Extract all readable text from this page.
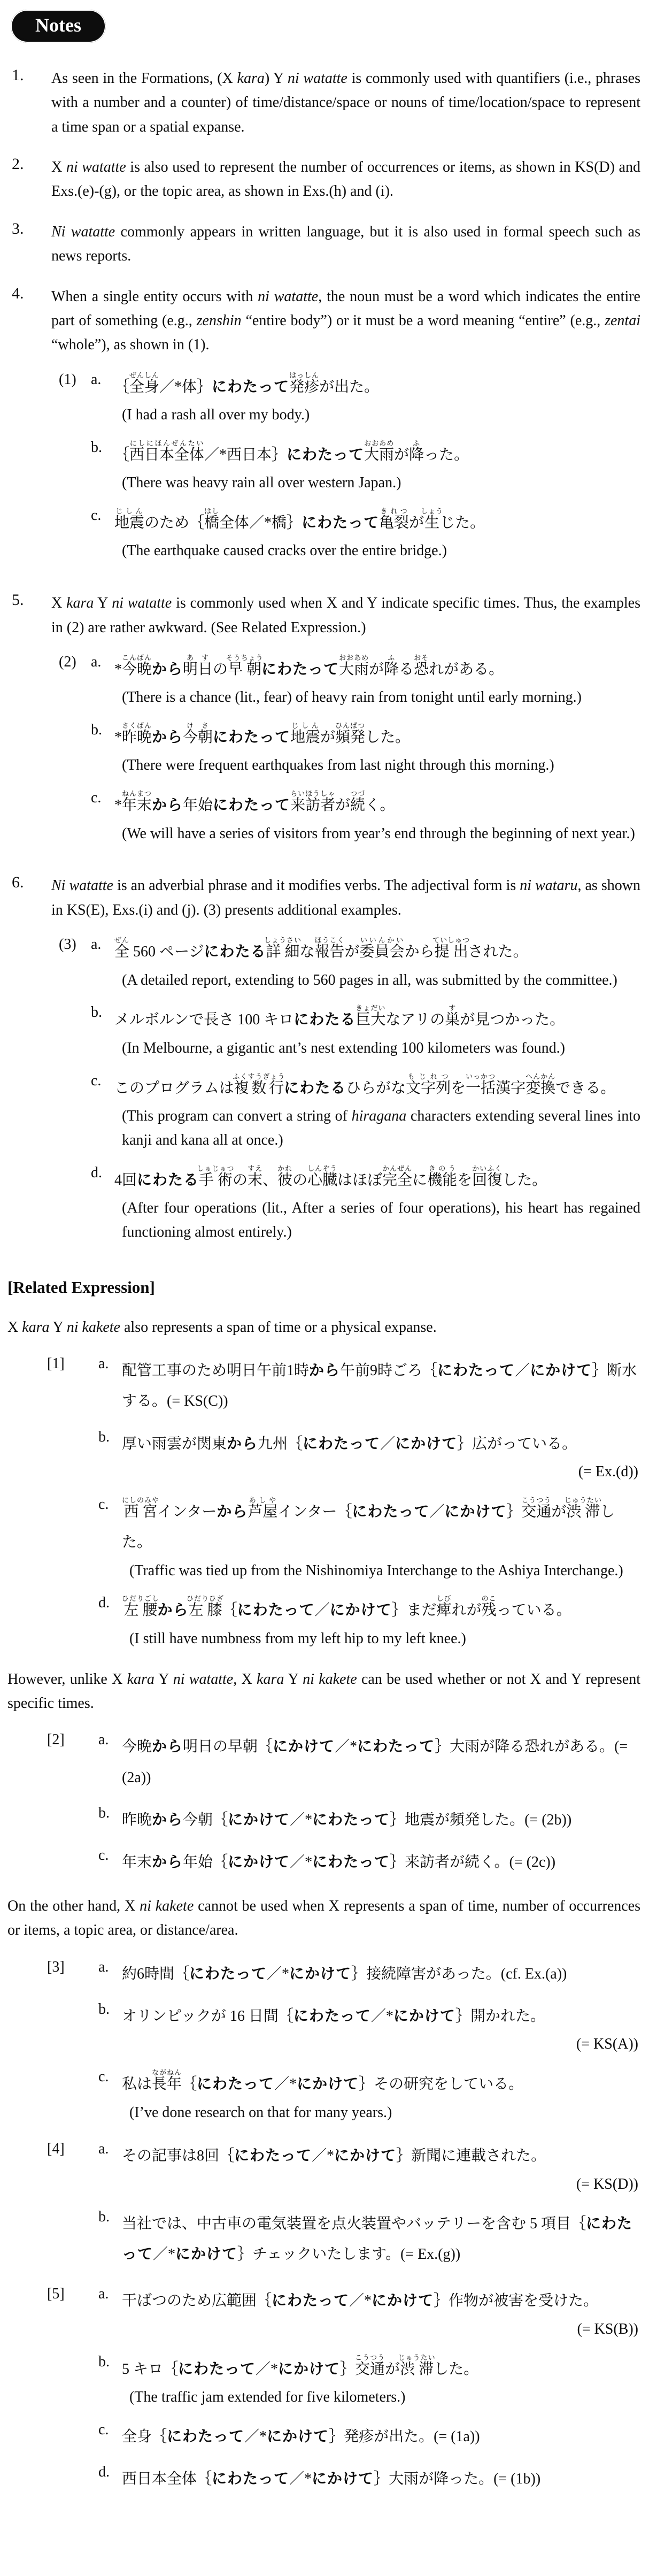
Notes
1.	As seen in the Formations, (X kara) Y ni watatte is commonly used with quantifiers (i.e., phrases with a number and a counter) of time/distance/space or nouns of time/location/space to represent a time span or a spatial expanse.
2.	X ni watatte is also used to represent the number of occurrences or items, as shown in KS(D) and Exs.(e)-(g), or the topic area, as shown in Exs.(h) and (i).
3.	Ni watatte commonly appears in written language, but it is also used in formal speech such as news reports.
4.	When a single entity occurs with ni watatte, the noun must be a word which indicates the entire part of something (e.g., zenshin “entire body”) or it must be a word meaning “entire” (e.g., zentai “whole”), as shown in (1).
(1) a. ｛全身ぜんしん／*体｝にわたって発疹はっしんが出た。
(I had a rash all over my body.)
b. ｛西日本全体にしにほんぜんたい／*西日本｝にわたって大雨おおあめが降ふった。
(There was heavy rain all over western Japan.)
c. 地震じしんのため｛橋はし全体／*橋｝にわたって亀裂きれつが生しょうじた。
(The earthquake caused cracks over the entire bridge.)
5.	X kara Y ni watatte is commonly used when X and Y indicate specific times. Thus, the examples in (2) are rather awkward. (See Related Expression.)
(2) a. *今晩こんばんから明日あすの早朝そうちょうにわたって大雨おおあめが降ふる恐おそれがある。
(There is a chance (lit., fear) of heavy rain from tonight until early morning.)
b. *昨晩さくばんから今朝けさにわたって地震じしんが頻発ひんぱつした。
(There were frequent earthquakes from last night through this morning.)
c. *年末ねんまつから年始にわたって来訪者らいほうしゃが続つづく。
(We will have a series of visitors from year’s end through the beginning of next year.)
6.	Ni watatte is an adverbial phrase and it modifies verbs. The adjectival form is ni wataru, as shown in KS(E), Exs.(i) and (j). (3) presents additional examples.
(3) a. 全ぜん 560 ページにわたる詳細しょうさいな報告ほうこくが委員会いいんかいから提出ていしゅつされた。
(A detailed report, extending to 560 pages in all, was submitted by the committee.)
b. メルボルンで長さ 100 キロにわたる巨大きょだいなアリの巣すが見つかった。
(In Melbourne, a gigantic ant’s nest extending 100 kilometers was found.)
c. このプログラムは複数行ふくすうぎょうにわたるひらがな文字列もじれつを一括いっかつ漢字変換へんかんできる。
(This program can convert a string of hiragana characters extending several lines into kanji and kana all at once.)
d. 4回にわたる手術しゅじゅつの末すえ、彼かれの心臓しんぞうはほぼ完全かんぜんに機能きのうを回復かいふくした。
(After four operations (lit., After a series of four operations), his heart has regained functioning almost entirely.)
[Related Expression]
X kara Y ni kakete also represents a span of time or a physical expanse.
[1]	a. 配管工事のため明日午前1時から午前9時ごろ｛にわたって／にかけて｝断水する。(= KS(C))
b. 厚い雨雲が関東から九州｛にわたって／にかけて｝広がっている。
(= Ex.(d))
c. 西宮にしのみやインターから芦屋あしやインター｛にわたって／にかけて｝交通こうつうが渋滞じゅうたいした。
(Traffic was tied up from the Nishinomiya Interchange to the Ashiya Interchange.)
d. 左腰ひだりごしから左膝ひだりひざ｛にわたって／にかけて｝まだ痺しびれが残のこっている。
(I still have numbness from my left hip to my left knee.)
However, unlike X kara Y ni watatte, X kara Y ni kakete can be used whether or not X and Y represent specific times.
[2]	a. 今晩から明日の早朝｛にかけて／*にわたって｝大雨が降る恐れがある。(= (2a))
b. 昨晩から今朝｛にかけて／*にわたって｝地震が頻発した。(= (2b))
c. 年末から年始｛にかけて／*にわたって｝来訪者が続く。(= (2c))
On the other hand, X ni kakete cannot be used when X represents a span of time, number of occurrences or items, a topic area, or distance/area.
[3]	a. 約6時間｛にわたって／*にかけて｝接続障害があった。(cf. Ex.(a))
b. オリンピックが 16 日間｛にわたって／*にかけて｝開かれた。
(= KS(A))
c. 私は長年ながねん｛にわたって／*にかけて｝その研究をしている。
(I’ve done research on that for many years.)
[4]	a. その記事は8回｛にわたって／*にかけて｝新聞に連載された。
(= KS(D))
b. 当社では、中古車の電気装置を点火装置やバッテリーを含む 5 項目｛にわたって／*にかけて｝チェックいたします。(= Ex.(g))
[5]	a. 干ばつのため広範囲｛にわたって／*にかけて｝作物が被害を受けた。
(= KS(B))
b. 5 キロ｛にわたって／*にかけて｝交通こうつうが渋滞じゅうたいした。
(The traffic jam extended for five kilometers.)
c. 全身｛にわたって／*にかけて｝発疹が出た。(= (1a))
d. 西日本全体｛にわたって／*にかけて｝大雨が降った。(= (1b))
